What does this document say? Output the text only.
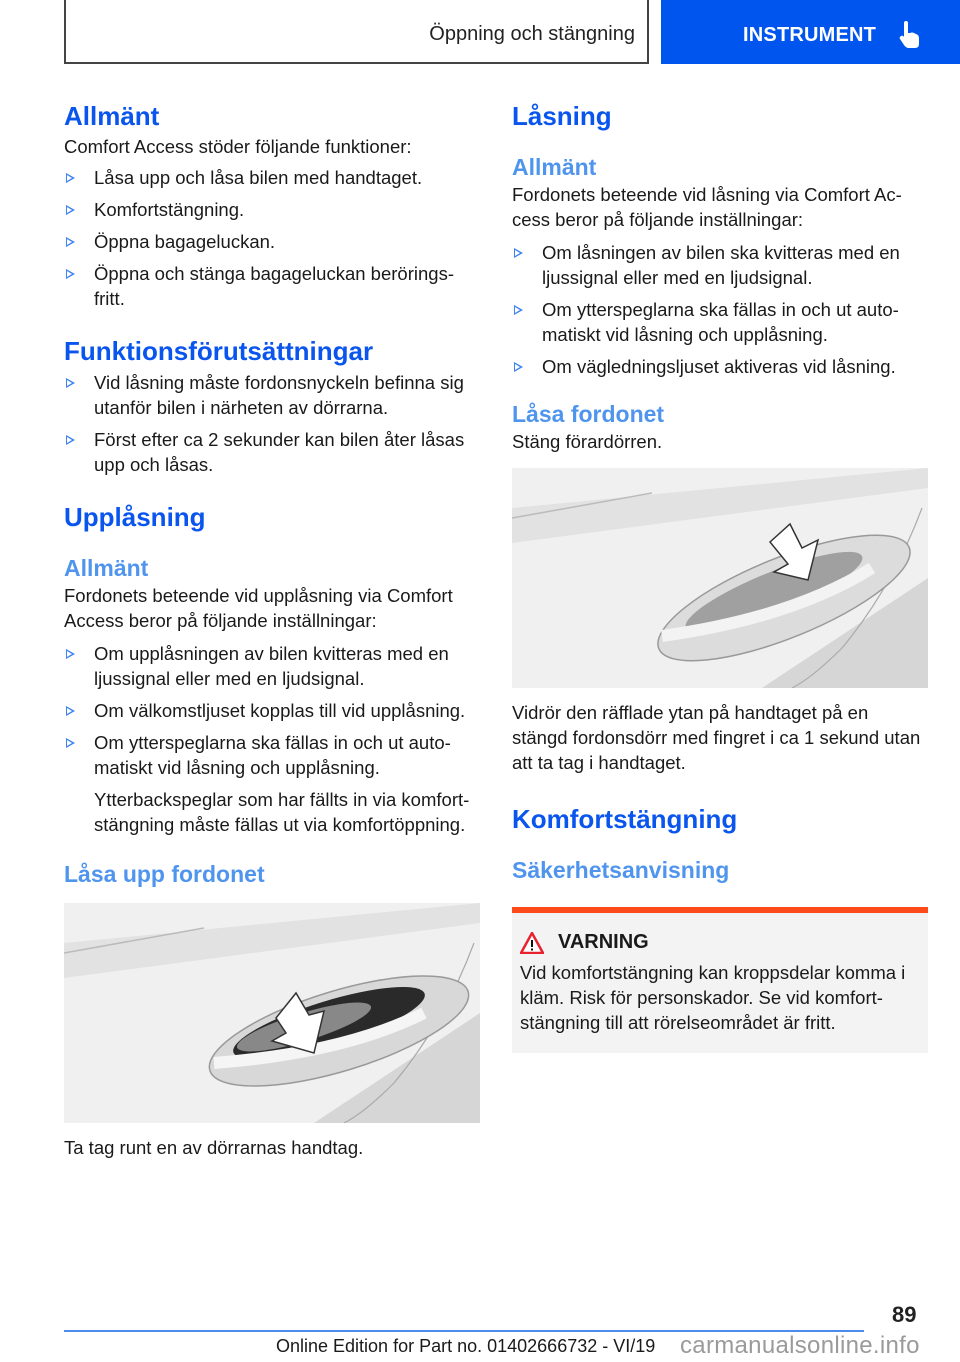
Öppning och stängning	INSTRUMENT
Allmänt
Comfort Access stöder följande funktioner:
Låsa upp och låsa bilen med handtaget.
Komfortstängning.
Öppna bagageluckan.
Öppna och stänga bagageluckan berörings-fritt.
Funktionsförutsättningar
Vid låsning måste fordonsnyckeln befinna sig utanför bilen i närheten av dörrarna.
Först efter ca 2 sekunder kan bilen åter låsas upp och låsas.
Upplåsning
Allmänt
Fordonets beteende vid upplåsning via Comfort Access beror på följande inställningar:
Om upplåsningen av bilen kvitteras med en ljussignal eller med en ljudsignal.
Om välkomstljuset kopplas till vid upplåsning.
Om ytterspeglarna ska fällas in och ut auto-matiskt vid låsning och upplåsning.
Ytterbackspeglar som har fällts in via komfort-stängning måste fällas ut via komfortöppning.
Låsa upp fordonet
Ta tag runt en av dörrarnas handtag.
Låsning
Allmänt
Fordonets beteende vid låsning via Comfort Ac-cess beror på följande inställningar:
Om låsningen av bilen ska kvitteras med en ljussignal eller med en ljudsignal.
Om ytterspeglarna ska fällas in och ut auto-matiskt vid låsning och upplåsning.
Om vägledningsljuset aktiveras vid låsning.
Låsa fordonet
Stäng förardörren.
Vidrör den räfflade ytan på handtaget på en stängd fordonsdörr med fingret i ca 1 sekund utan att ta tag i handtaget.
Komfortstängning
Säkerhetsanvisning
VARNING
Vid komfortstängning kan kroppsdelar komma i kläm. Risk för personskador. Se vid komfort-stängning till att rörelseområdet är fritt.
89
Online Edition for Part no. 01402666732 - VI/19 carmanualsonline.info
